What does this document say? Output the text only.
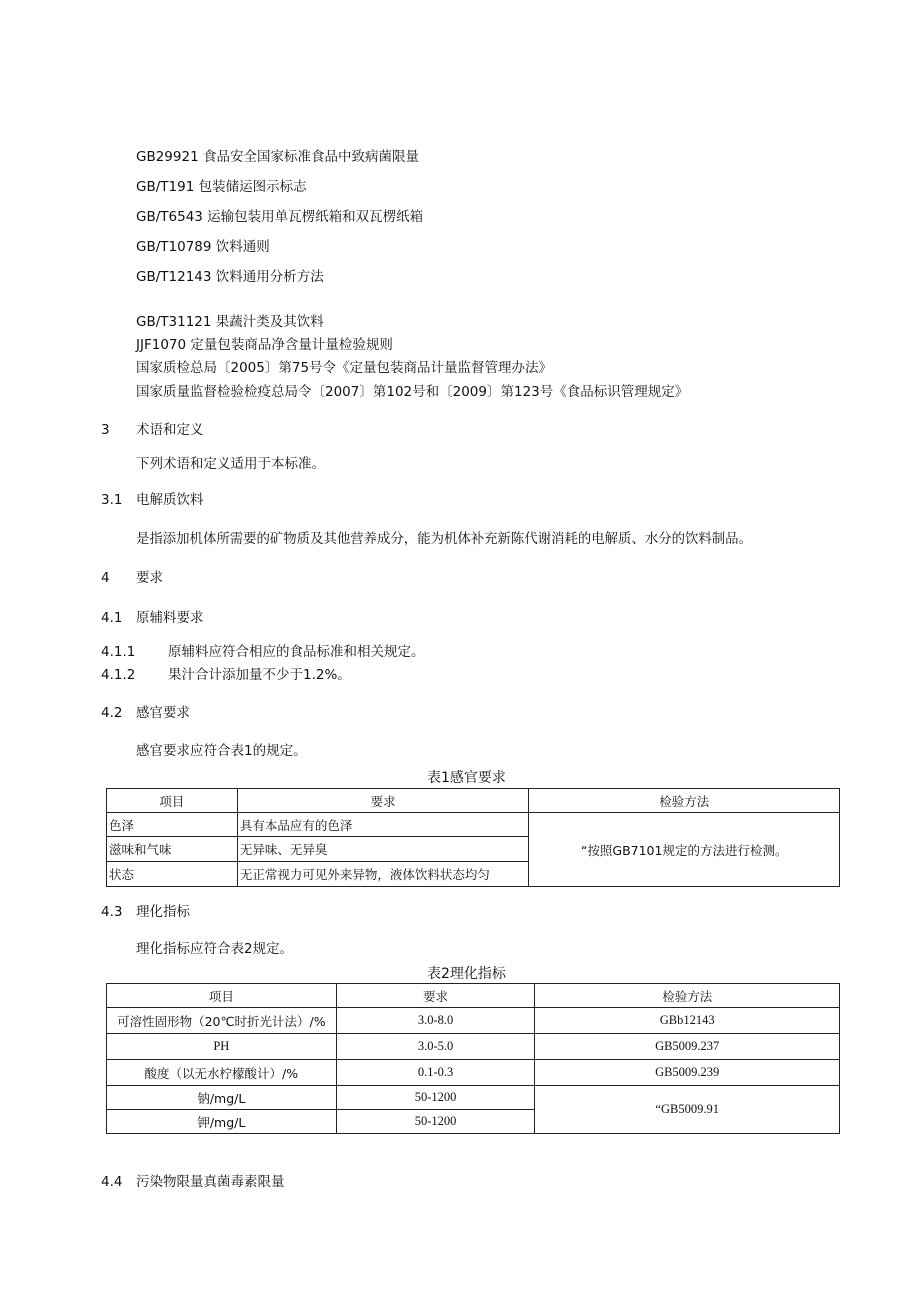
GB29921 食品安全国家标准食品中致病菌限量
GB/T191 包装储运图示标志
GB/T6543 运输包装用单瓦楞纸箱和双瓦楞纸箱
GB/T10789 饮料通则
GB/T12143 饮料通用分析方法
GB/T31121 果蔬汁类及其饮料
JJF1070 定量包装商品净含量计量检验规则
国家质检总局〔2005〕第75号令《定量包装商品计量监督管理办法》
国家质量监督检验检疫总局令〔2007〕第102号和〔2009〕第123号《食品标识管理规定》
3 术语和定义
下列术语和定义适用于本标准。
3.1 电解质饮料
是指添加机体所需要的矿物质及其他营养成分，能为机体补充新陈代谢消耗的电解质、水分的饮料制品。
4 要求
4.1 原辅料要求
4.1.1 原辅料应符合相应的食品标准和相关规定。
4.1.2 果汁合计添加量不少于1.2%。
4.2 感官要求
感官要求应符合表1的规定。
表1感官要求
项目	要求	检验方法
色泽	具有本品应有的色泽	“按照GB7101规定的方法进行检测。
滋味和气味	无异味、无异臭	
状态	无正常视力可见外来异物，液体饮料状态均匀	
4.3 理化指标
理化指标应符合表2规定。
表2理化指标
项目	要求	检验方法
可溶性固形物（20℃时折光计法）/%	3.0-8.0	GBb12143
PH	3.0-5.0	GB5009.237
酸度（以无水柠檬酸计）/%	0.1-0.3	GB5009.239
钠/mg/L	50-1200	“GB5009.91
钾/mg/L	50-1200	
4.4 污染物限量真菌毒素限量
